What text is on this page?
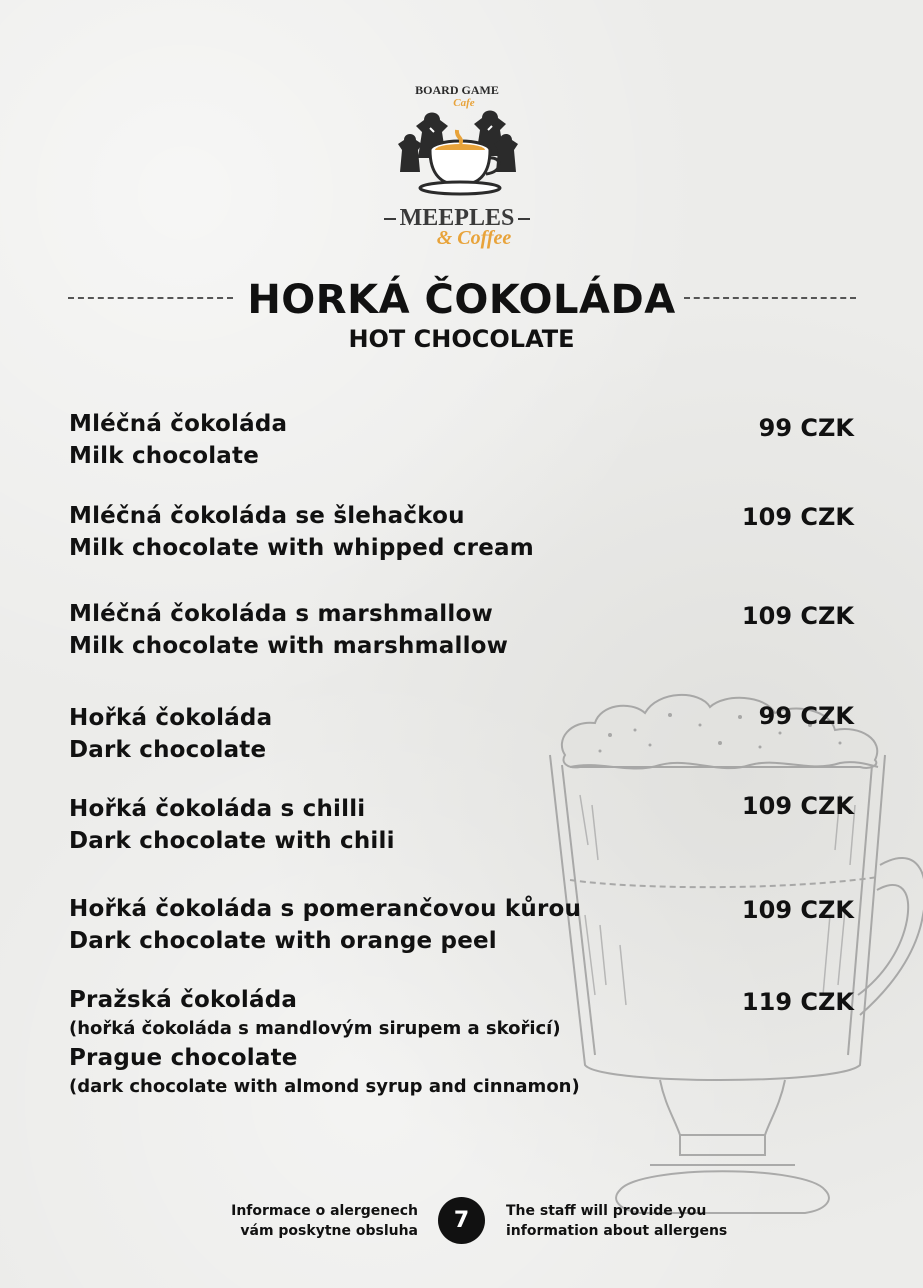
BOARD GAME
Cafe
MEEPLES
& Coffee
HORKÁ ČOKOLÁDA
HOT CHOCOLATE
Mléčná čokoláda
Milk chocolate
99 CZK
Mléčná čokoláda se šlehačkou
Milk chocolate with whipped cream
109 CZK
Mléčná čokoláda s marshmallow
Milk chocolate with marshmallow
109 CZK
Hořká čokoláda
Dark chocolate
99 CZK
Hořká čokoláda s chilli
Dark chocolate with chili
109 CZK
Hořká čokoláda s pomerančovou kůrou
Dark chocolate with orange peel
109 CZK
Pražská čokoláda
(hořká čokoláda s mandlovým sirupem a skořicí)
Prague chocolate
(dark chocolate with almond syrup and cinnamon)
119 CZK
Informace o alergenech
vám poskytne obsluha	7	The staff will provide you
information about allergens
